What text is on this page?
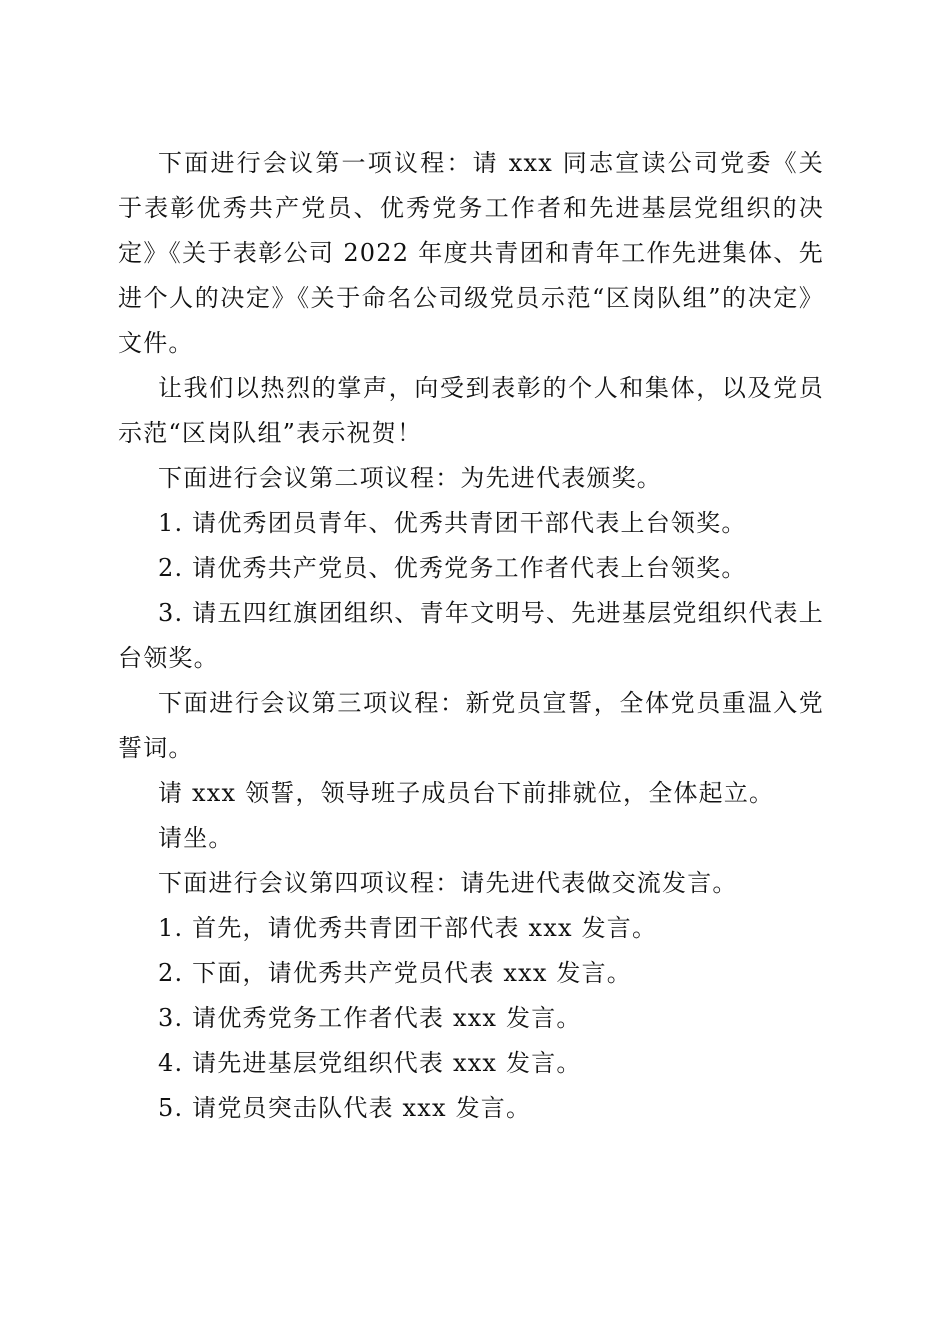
下面进行会议第一项议程：请 xxx 同志宣读公司党委《关于表彰优秀共产党员、优秀党务工作者和先进基层党组织的决定》《关于表彰公司 2022 年度共青团和青年工作先进集体、先进个人的决定》《关于命名公司级党员示范“区岗队组”的决定》文件。

让我们以热烈的掌声，向受到表彰的个人和集体，以及党员示范“区岗队组”表示祝贺！

下面进行会议第二项议程：为先进代表颁奖。

1. 请优秀团员青年、优秀共青团干部代表上台领奖。

2. 请优秀共产党员、优秀党务工作者代表上台领奖。

3. 请五四红旗团组织、青年文明号、先进基层党组织代表上台领奖。

下面进行会议第三项议程：新党员宣誓，全体党员重温入党誓词。

请 xxx 领誓，领导班子成员台下前排就位，全体起立。

请坐。

下面进行会议第四项议程：请先进代表做交流发言。

1. 首先，请优秀共青团干部代表 xxx 发言。

2. 下面，请优秀共产党员代表 xxx 发言。

3. 请优秀党务工作者代表 xxx 发言。

4. 请先进基层党组织代表 xxx 发言。

5. 请党员突击队代表 xxx 发言。
